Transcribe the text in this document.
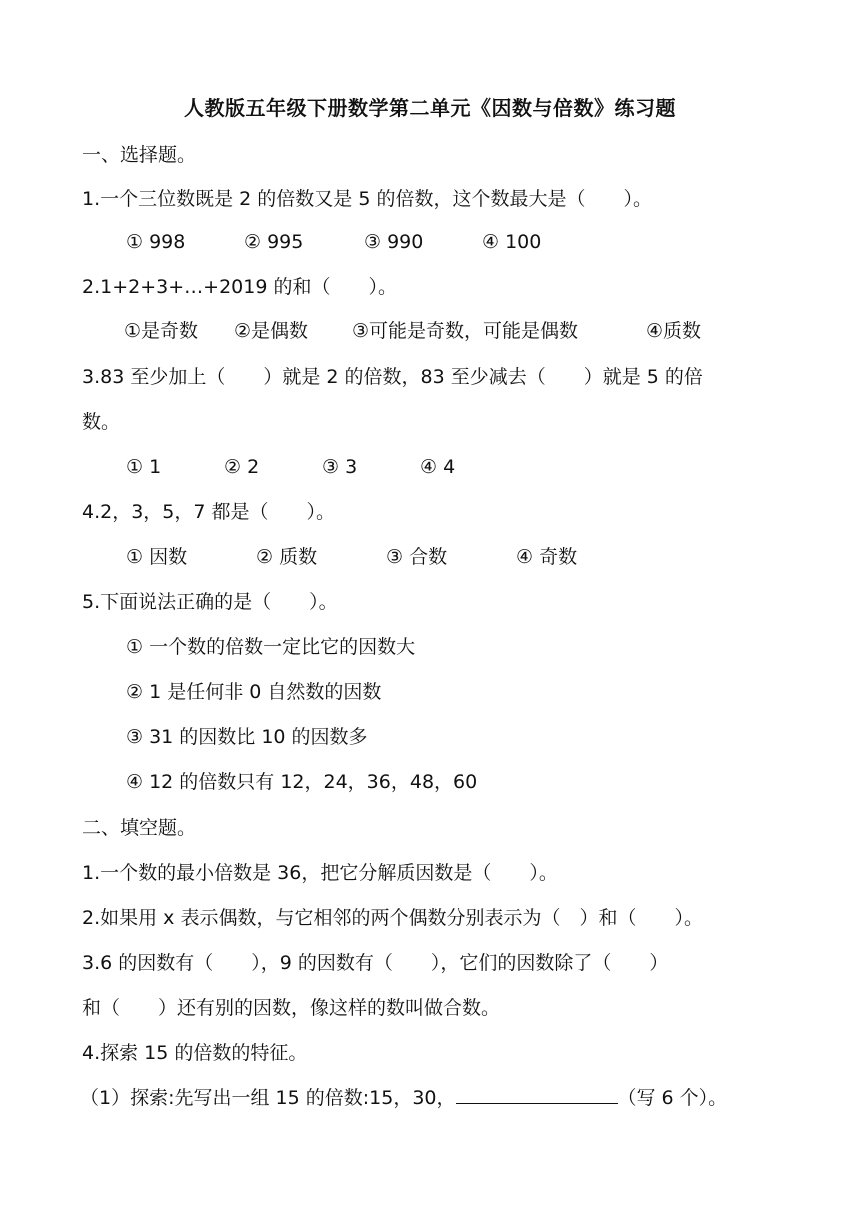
人教版五年级下册数学第二单元《因数与倍数》练习题
一、选择题。
1.一个三位数既是 2 的倍数又是 5 的倍数，这个数最大是（　　）。
① 998	② 995	③ 990	④ 100
2.1+2+3+…+2019 的和（　　）。
①是奇数 ②是偶数 ③可能是奇数，可能是偶数	④质数
3.83 至少加上（　　）就是 2 的倍数，83 至少减去（　　）就是 5 的倍
数。
① 1	② 2	③ 3	④ 4
4.2，3，5，7 都是（　　）。
① 因数	② 质数	③ 合数	④ 奇数
5.下面说法正确的是（　　）。
① 一个数的倍数一定比它的因数大
② 1 是任何非 0 自然数的因数
③ 31 的因数比 10 的因数多
④ 12 的倍数只有 12，24，36，48，60
二、填空题。
1.一个数的最小倍数是 36，把它分解质因数是（　　）。
2.如果用 x 表示偶数，与它相邻的两个偶数分别表示为（　）和（　　）。
3.6 的因数有（　　），9 的因数有（　　），它们的因数除了（　　）
和（　　）还有别的因数，像这样的数叫做合数。
4.探索 15 的倍数的特征。
（1）探索:先写出一组 15 的倍数:15，30，	（写 6 个）。
